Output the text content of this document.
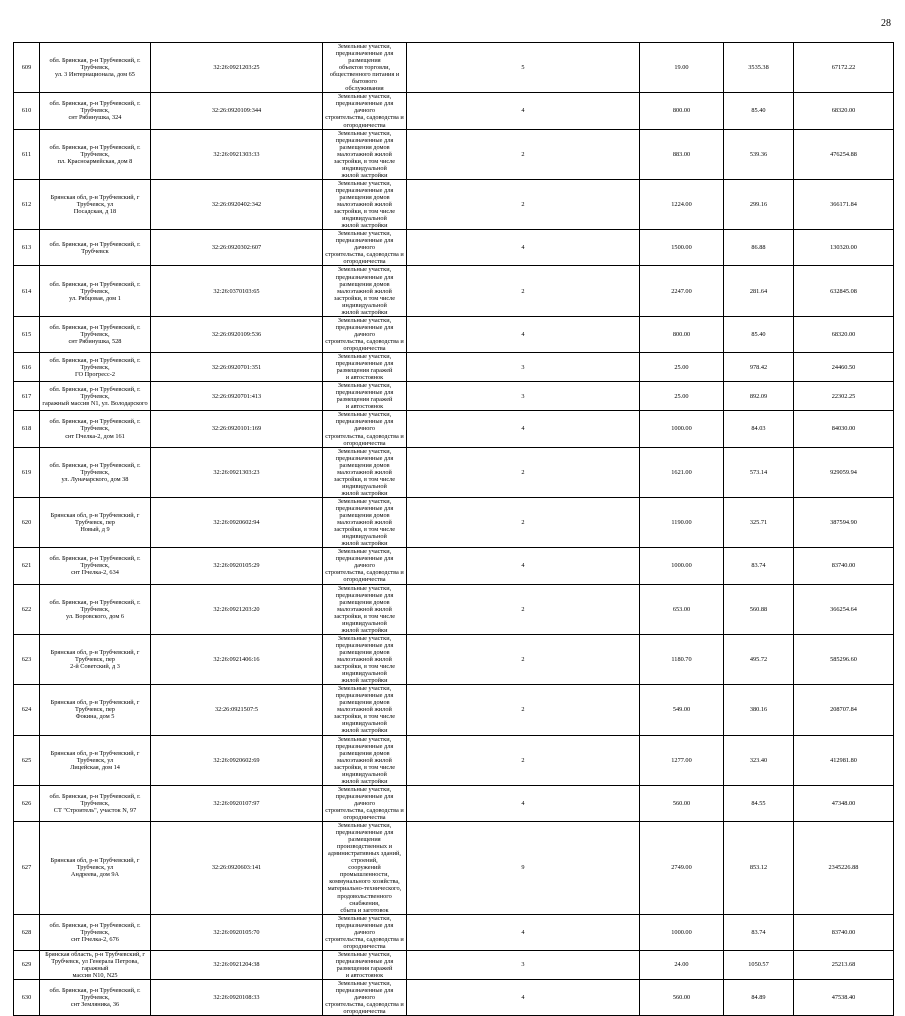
28
609	обл. Брянская, р-н Трубчевский, г. Трубчевск,
ул. 3 Интернационала, дом 65	32:26:0921203:25	Земельные участки, предназначенные для размещения
объектов торговли, общественного питания и бытового
обслуживания	5	19.00	3535.38	67172.22
610	обл. Брянская, р-н Трубчевский, г. Трубчевск,
снт Рябинушка, 324	32:26:0920109:344	Земельные участки, предназначенные для дачного
строительства, садоводства и огородничества	4	800.00	85.40	68320.00
611	обл. Брянская, р-н Трубчевский, г. Трубчевск,
пл. Красноармейская, дом 8	32:26:0921303:33	Земельные участки, предназначенные для размещения домов
малоэтажной жилой застройки, в том числе индивидуальной
жилой застройки	2	883.00	539.36	476254.88
612	Брянская обл, р-н Трубчевский, г Трубчевск, ул
Посадская, д 18	32:26:0920402:342	Земельные участки, предназначенные для размещения домов
малоэтажной жилой застройки, в том числе индивидуальной
жилой застройки	2	1224.00	299.16	366171.84
613	обл. Брянская, р-н Трубчевский, г. Трубчевск	32:26:0920302:607	Земельные участки, предназначенные для дачного
строительства, садоводства и огородничества	4	1500.00	86.88	130320.00
614	обл. Брянская, р-н Трубчевский, г. Трубчевск,
ул. Рябцовая, дом 1	32:26:0370103:65	Земельные участки, предназначенные для размещения домов
малоэтажной жилой застройки, в том числе индивидуальной
жилой застройки	2	2247.00	281.64	632845.08
615	обл. Брянская, р-н Трубчевский, г. Трубчевск,
снт Рябинушка, 528	32:26:0920109:536	Земельные участки, предназначенные для дачного
строительства, садоводства и огородничества	4	800.00	85.40	68320.00
616	обл. Брянская, р-н Трубчевский, г. Трубчевск,
ГО Прогресс-2	32:26:0920701:351	Земельные участки, предназначенные для размещения гаражей
и автостоянок	3	25.00	978.42	24460.50
617	обл. Брянская, р-н Трубчевский, г. Трубчевск,
гаражный массив N1, ул. Володарского	32:26:0920701:413	Земельные участки, предназначенные для размещения гаражей
и автостоянок	3	25.00	892.09	22302.25
618	обл. Брянская, р-н Трубчевский, г. Трубчевск,
снт Пчелка-2, дом 161	32:26:0920101:169	Земельные участки, предназначенные для дачного
строительства, садоводства и огородничества	4	1000.00	84.03	84030.00
619	обл. Брянская, р-н Трубчевский, г. Трубчевск,
ул. Луначарского, дом 38	32:26:0921303:23	Земельные участки, предназначенные для размещения домов
малоэтажной жилой застройки, в том числе индивидуальной
жилой застройки	2	1621.00	573.14	929059.94
620	Брянская обл, р-н Трубчевский, г Трубчевск, пер
Новый, д 9	32:26:0920602:94	Земельные участки, предназначенные для размещения домов
малоэтажной жилой застройки, в том числе индивидуальной
жилой застройки	2	1190.00	325.71	387594.90
621	обл. Брянская, р-н Трубчевский, г. Трубчевск,
снт Пчелка-2, 634	32:26:0920105:29	Земельные участки, предназначенные для дачного
строительства, садоводства и огородничества	4	1000.00	83.74	83740.00
622	обл. Брянская, р-н Трубчевский, г. Трубчевск,
ул. Воровского, дом 6	32:26:0921203:20	Земельные участки, предназначенные для размещения домов
малоэтажной жилой застройки, в том числе индивидуальной
жилой застройки	2	653.00	560.88	366254.64
623	Брянская обл, р-н Трубчевский, г Трубчевск, пер
2-й Советский, д 3	32:26:0921406:16	Земельные участки, предназначенные для размещения домов
малоэтажной жилой застройки, в том числе индивидуальной
жилой застройки	2	1180.70	495.72	585296.60
624	Брянская обл, р-н Трубчевский, г Трубчевск, пер
Фокина, дом 5	32:26:0921507:5	Земельные участки, предназначенные для размещения домов
малоэтажной жилой застройки, в том числе индивидуальной
жилой застройки	2	549.00	380.16	208707.84
625	Брянская обл, р-н Трубчевский, г Трубчевск, ул
Лицейская, дом 14	32:26:0920602:69	Земельные участки, предназначенные для размещения домов
малоэтажной жилой застройки, в том числе индивидуальной
жилой застройки	2	1277.00	323.40	412981.80
626	обл. Брянская, р-н Трубчевский, г. Трубчевск,
СТ "Строитель", участок N, 97	32:26:0920107:97	Земельные участки, предназначенные для дачного
строительства, садоводства и огородничества	4	560.00	84.55	47348.00
627	Брянская обл, р-н Трубчевский, г Трубчевск, ул
Андреева, дом 9А	32:26:0920603:141	Земельные участки, предназначенные для размещения
производственных и административных зданий, строений,
сооружений промышленности, коммунального хозяйства,
материально-технического, продовольственного снабжения,
сбыта и заготовок	9	2749.00	853.12	2345226.88
628	обл. Брянская, р-н Трубчевский, г. Трубчевск,
снт Пчелка-2, 676	32:26:0920105:70	Земельные участки, предназначенные для дачного
строительства, садоводства и огородничества	4	1000.00	83.74	83740.00
629	Брянская область, р-н Трубчевский, г
Трубчевск, ул Генерала Петрова, гаражный
массив N10, N25	32:26:0921204:38	Земельные участки, предназначенные для размещения гаражей
и автостоянок	3	24.00	1050.57	25213.68
630	обл. Брянская, р-н Трубчевский, г. Трубчевск,
снт Земляника, 36	32:26:0920108:33	Земельные участки, предназначенные для дачного
строительства, садоводства и огородничества	4	560.00	84.89	47538.40
